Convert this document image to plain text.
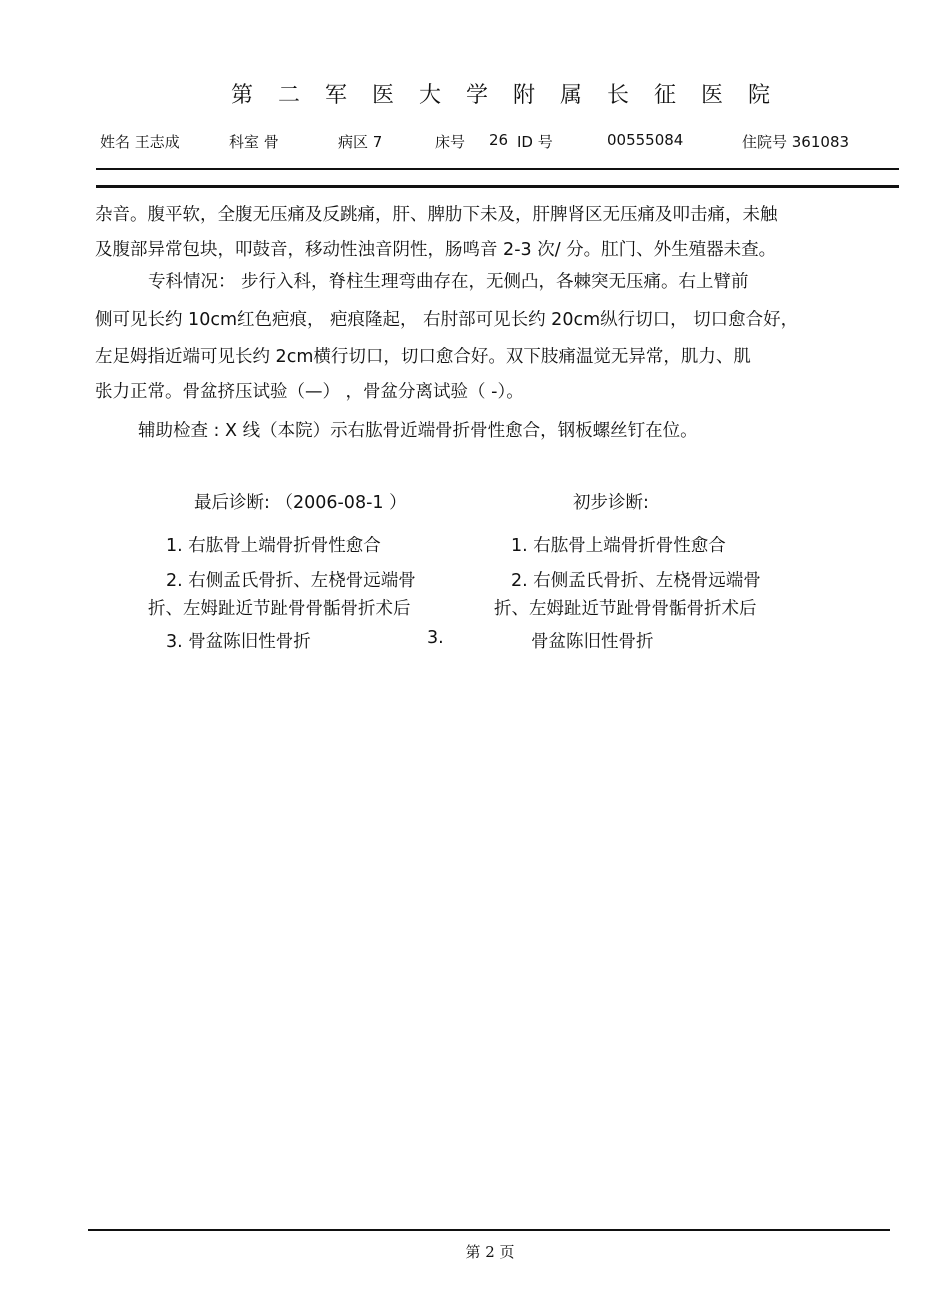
第 二 军 医 大 学 附 属 长 征 医 院
姓名 王志成	科室 骨	病区 7	床号 26 ID 号	00555084	住院号 361083
杂音。腹平软，全腹无压痛及反跳痛，肝、脾肋下未及，肝脾肾区无压痛及叩击痛，未触
及腹部异常包块，叩鼓音，移动性浊音阴性，肠鸣音 2-3 次/ 分。肛门、外生殖器未查。
专科情况： 步行入科，脊柱生理弯曲存在，无侧凸，各棘突无压痛。右上臂前
侧可见长约 10cm红色疤痕， 疤痕隆起， 右肘部可见长约 20cm纵行切口， 切口愈合好，
左足姆指近端可见长约 2cm横行切口，切口愈合好。双下肢痛温觉无异常，肌力、肌
张力正常。骨盆挤压试验（—） ，骨盆分离试验（ -）。
辅助检查 : X 线（本院）示右肱骨近端骨折骨性愈合，钢板螺丝钉在位。
最后诊断: （2006-08-1 ）
1. 右肱骨上端骨折骨性愈合
2. 右侧孟氏骨折、左桡骨远端骨
折、左姆趾近节趾骨骨骺骨折术后
3. 骨盆陈旧性骨折
初步诊断:
1. 右肱骨上端骨折骨性愈合
2. 右侧孟氏骨折、左桡骨远端骨
折、左姆趾近节趾骨骨骺骨折术后
3.	骨盆陈旧性骨折
第 2 页
